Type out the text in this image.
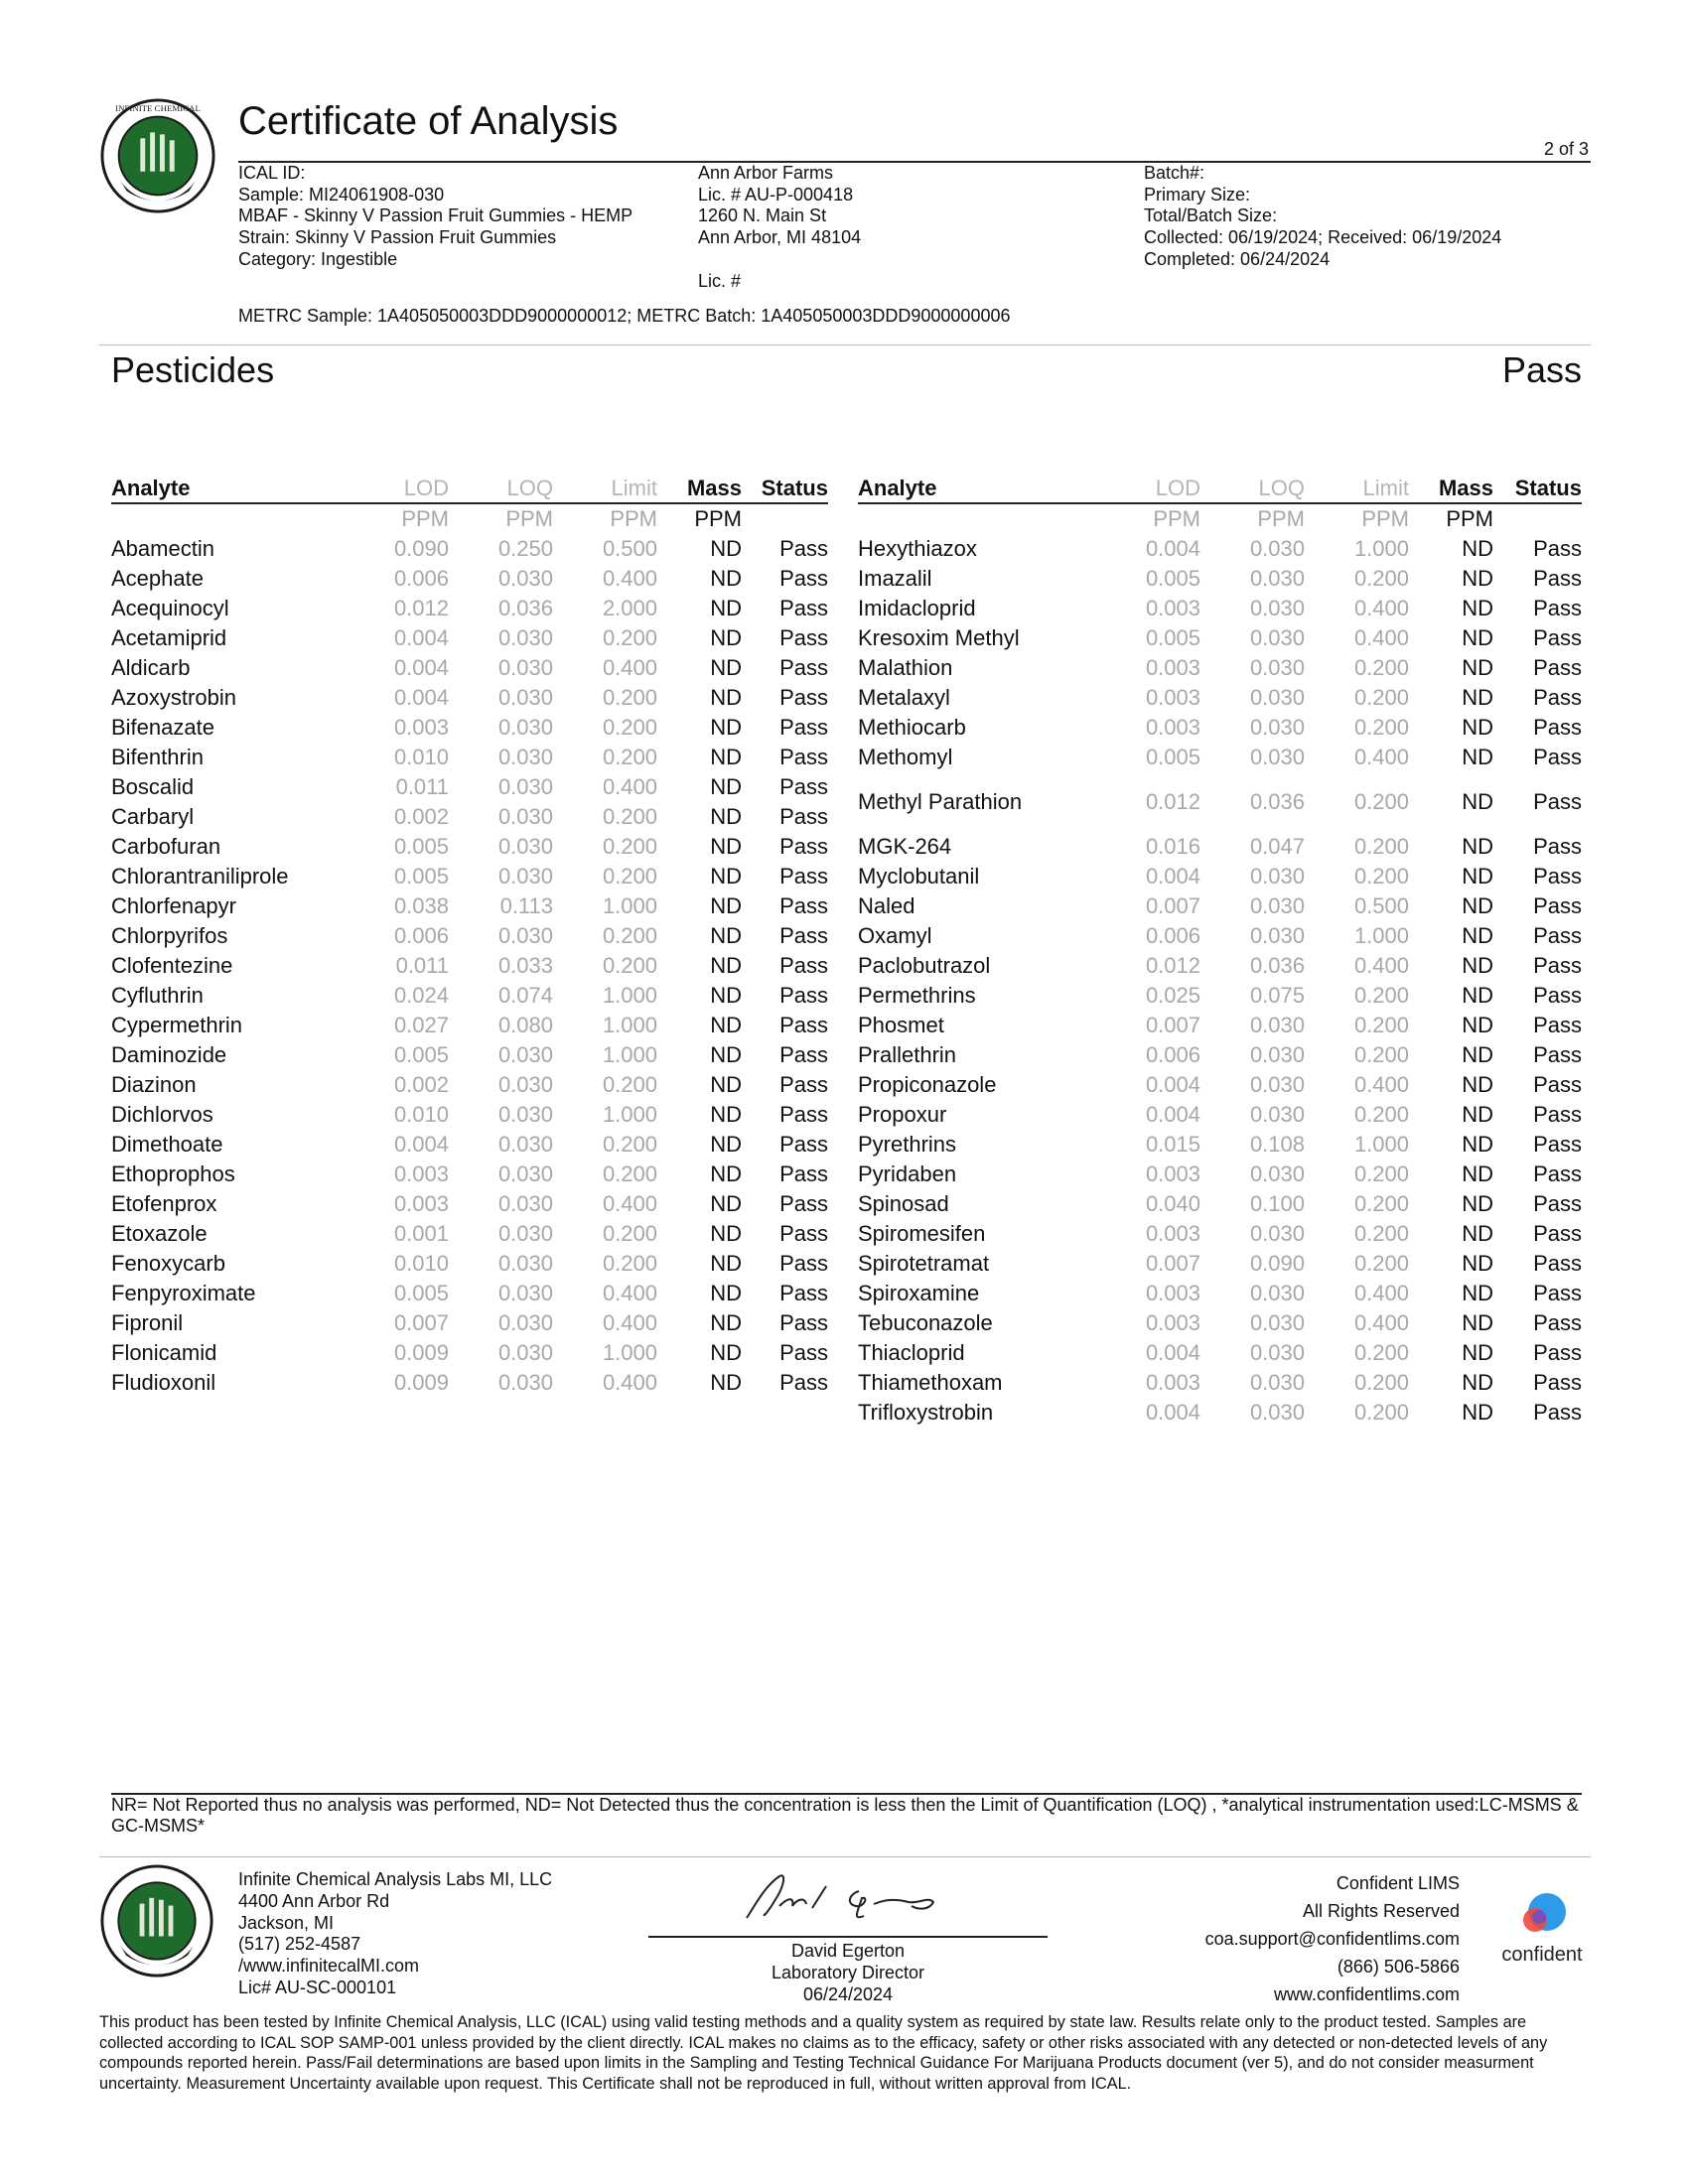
INFINITE CHEMICAL Certificate of Analysis
2 of 3
ICAL ID:
Sample: MI24061908-030
MBAF - Skinny V Passion Fruit Gummies - HEMP
Strain: Skinny V Passion Fruit Gummies
Category: Ingestible
Ann Arbor Farms
Lic. # AU-P-000418
1260 N. Main St
Ann Arbor, MI 48104
Lic. #
Batch#:
Primary Size:
Total/Batch Size:
Collected: 06/19/2024; Received: 06/19/2024
Completed: 06/24/2024
METRC Sample: 1A405050003DDD9000000012; METRC Batch: 1A405050003DDD9000000006
Pesticides	Pass
Analyte	LOD	LOQ	Limit	Mass	Status
	PPM	PPM	PPM	PPM	
Abamectin	0.090	0.250	0.500	ND	Pass
Acephate	0.006	0.030	0.400	ND	Pass
Acequinocyl	0.012	0.036	2.000	ND	Pass
Acetamiprid	0.004	0.030	0.200	ND	Pass
Aldicarb	0.004	0.030	0.400	ND	Pass
Azoxystrobin	0.004	0.030	0.200	ND	Pass
Bifenazate	0.003	0.030	0.200	ND	Pass
Bifenthrin	0.010	0.030	0.200	ND	Pass
Boscalid	0.011	0.030	0.400	ND	Pass
Carbaryl	0.002	0.030	0.200	ND	Pass
Carbofuran	0.005	0.030	0.200	ND	Pass
Chlorantraniliprole	0.005	0.030	0.200	ND	Pass
Chlorfenapyr	0.038	0.113	1.000	ND	Pass
Chlorpyrifos	0.006	0.030	0.200	ND	Pass
Clofentezine	0.011	0.033	0.200	ND	Pass
Cyfluthrin	0.024	0.074	1.000	ND	Pass
Cypermethrin	0.027	0.080	1.000	ND	Pass
Daminozide	0.005	0.030	1.000	ND	Pass
Diazinon	0.002	0.030	0.200	ND	Pass
Dichlorvos	0.010	0.030	1.000	ND	Pass
Dimethoate	0.004	0.030	0.200	ND	Pass
Ethoprophos	0.003	0.030	0.200	ND	Pass
Etofenprox	0.003	0.030	0.400	ND	Pass
Etoxazole	0.001	0.030	0.200	ND	Pass
Fenoxycarb	0.010	0.030	0.200	ND	Pass
Fenpyroximate	0.005	0.030	0.400	ND	Pass
Fipronil	0.007	0.030	0.400	ND	Pass
Flonicamid	0.009	0.030	1.000	ND	Pass
Fludioxonil	0.009	0.030	0.400	ND	Pass
Analyte	LOD	LOQ	Limit	Mass	Status
	PPM	PPM	PPM	PPM	
Hexythiazox	0.004	0.030	1.000	ND	Pass
Imazalil	0.005	0.030	0.200	ND	Pass
Imidacloprid	0.003	0.030	0.400	ND	Pass
Kresoxim Methyl	0.005	0.030	0.400	ND	Pass
Malathion	0.003	0.030	0.200	ND	Pass
Metalaxyl	0.003	0.030	0.200	ND	Pass
Methiocarb	0.003	0.030	0.200	ND	Pass
Methomyl	0.005	0.030	0.400	ND	Pass
Methyl Parathion	0.012	0.036	0.200	ND	Pass
MGK-264	0.016	0.047	0.200	ND	Pass
Myclobutanil	0.004	0.030	0.200	ND	Pass
Naled	0.007	0.030	0.500	ND	Pass
Oxamyl	0.006	0.030	1.000	ND	Pass
Paclobutrazol	0.012	0.036	0.400	ND	Pass
Permethrins	0.025	0.075	0.200	ND	Pass
Phosmet	0.007	0.030	0.200	ND	Pass
Prallethrin	0.006	0.030	0.200	ND	Pass
Propiconazole	0.004	0.030	0.400	ND	Pass
Propoxur	0.004	0.030	0.200	ND	Pass
Pyrethrins	0.015	0.108	1.000	ND	Pass
Pyridaben	0.003	0.030	0.200	ND	Pass
Spinosad	0.040	0.100	0.200	ND	Pass
Spiromesifen	0.003	0.030	0.200	ND	Pass
Spirotetramat	0.007	0.090	0.200	ND	Pass
Spiroxamine	0.003	0.030	0.400	ND	Pass
Tebuconazole	0.003	0.030	0.400	ND	Pass
Thiacloprid	0.004	0.030	0.200	ND	Pass
Thiamethoxam	0.003	0.030	0.200	ND	Pass
Trifloxystrobin	0.004	0.030	0.200	ND	Pass
NR= Not Reported thus no analysis was performed, ND= Not Detected thus the concentration is less then the Limit of Quantification (LOQ) , *analytical instrumentation used:LC-MSMS & GC-MSMS*
Infinite Chemical Analysis Labs MI, LLC
4400 Ann Arbor Rd
Jackson, MI
(517) 252-4587
/www.infinitecalMI.com
Lic# AU-SC-000101
David Egerton
Laboratory Director
06/24/2024
Confident LIMS
All Rights Reserved
coa.support@confidentlims.com
(866) 506-5866
www.confidentlims.com
confident
This product has been tested by Infinite Chemical Analysis, LLC (ICAL) using valid testing methods and a quality system as required by state law. Results relate only to the product tested. Samples are collected according to ICAL SOP SAMP-001 unless provided by the client directly. ICAL makes no claims as to the efficacy, safety or other risks associated with any detected or non-detected levels of any compounds reported herein. Pass/Fail determinations are based upon limits in the Sampling and Testing Technical Guidance For Marijuana Products document (ver 5), and do not consider measurment uncertainty. Measurement Uncertainty available upon request. This Certificate shall not be reproduced in full, without written approval from ICAL.
